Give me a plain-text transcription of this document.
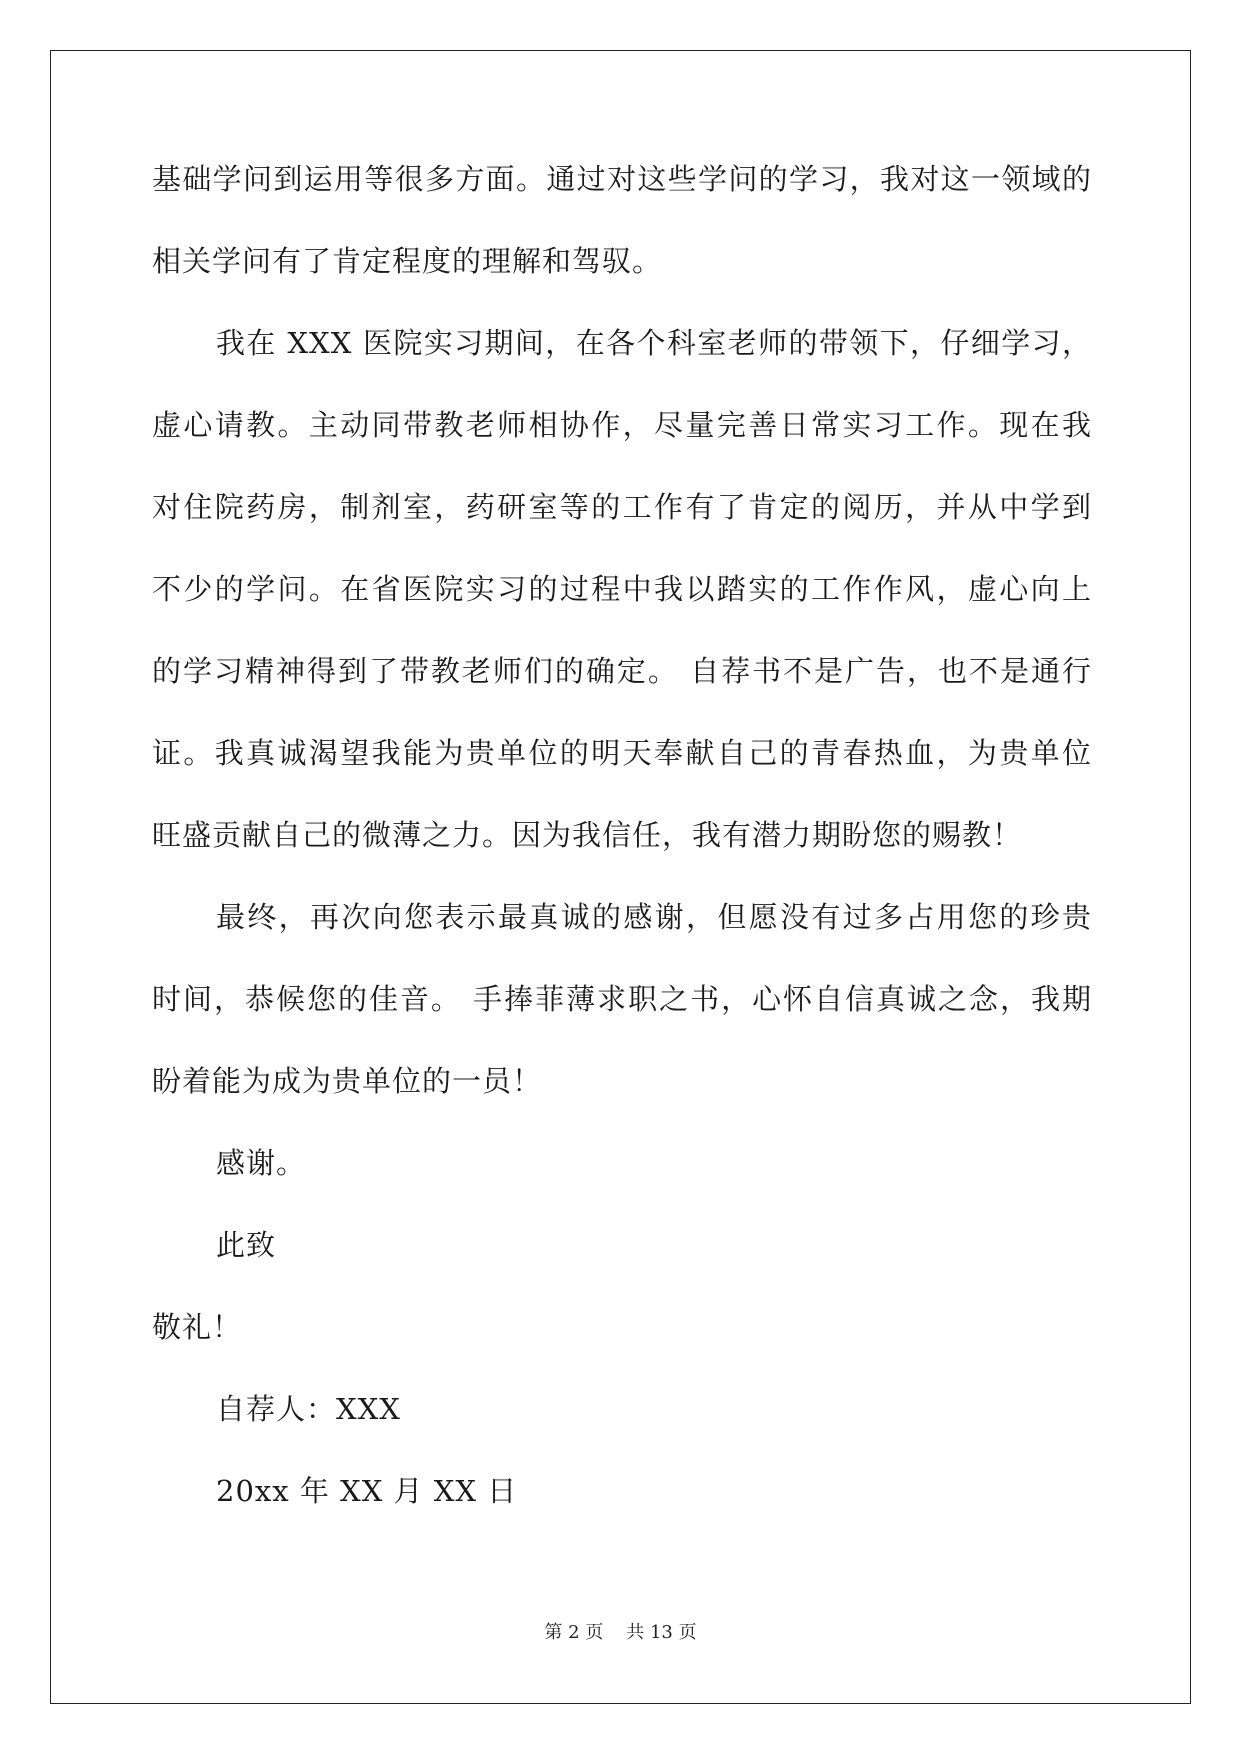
基础学问到运用等很多方面。通过对这些学问的学习，我对这一领域的
相关学问有了肯定程度的理解和驾驭。
我在 XXX 医院实习期间，在各个科室老师的带领下，仔细学习，
虚心请教。主动同带教老师相协作，尽量完善日常实习工作。现在我
对住院药房，制剂室，药研室等的工作有了肯定的阅历，并从中学到
不少的学问。在省医院实习的过程中我以踏实的工作作风，虚心向上
的学习精神得到了带教老师们的确定。 自荐书不是广告，也不是通行
证。我真诚渴望我能为贵单位的明天奉献自己的青春热血，为贵单位
旺盛贡献自己的微薄之力。因为我信任，我有潜力期盼您的赐教！
最终，再次向您表示最真诚的感谢，但愿没有过多占用您的珍贵
时间，恭候您的佳音。 手捧菲薄求职之书，心怀自信真诚之念，我期
盼着能为成为贵单位的一员！
感谢。
此致
敬礼！
自荐人：XXX
20xx 年 XX 月 XX 日
第 2 页 共 13 页
